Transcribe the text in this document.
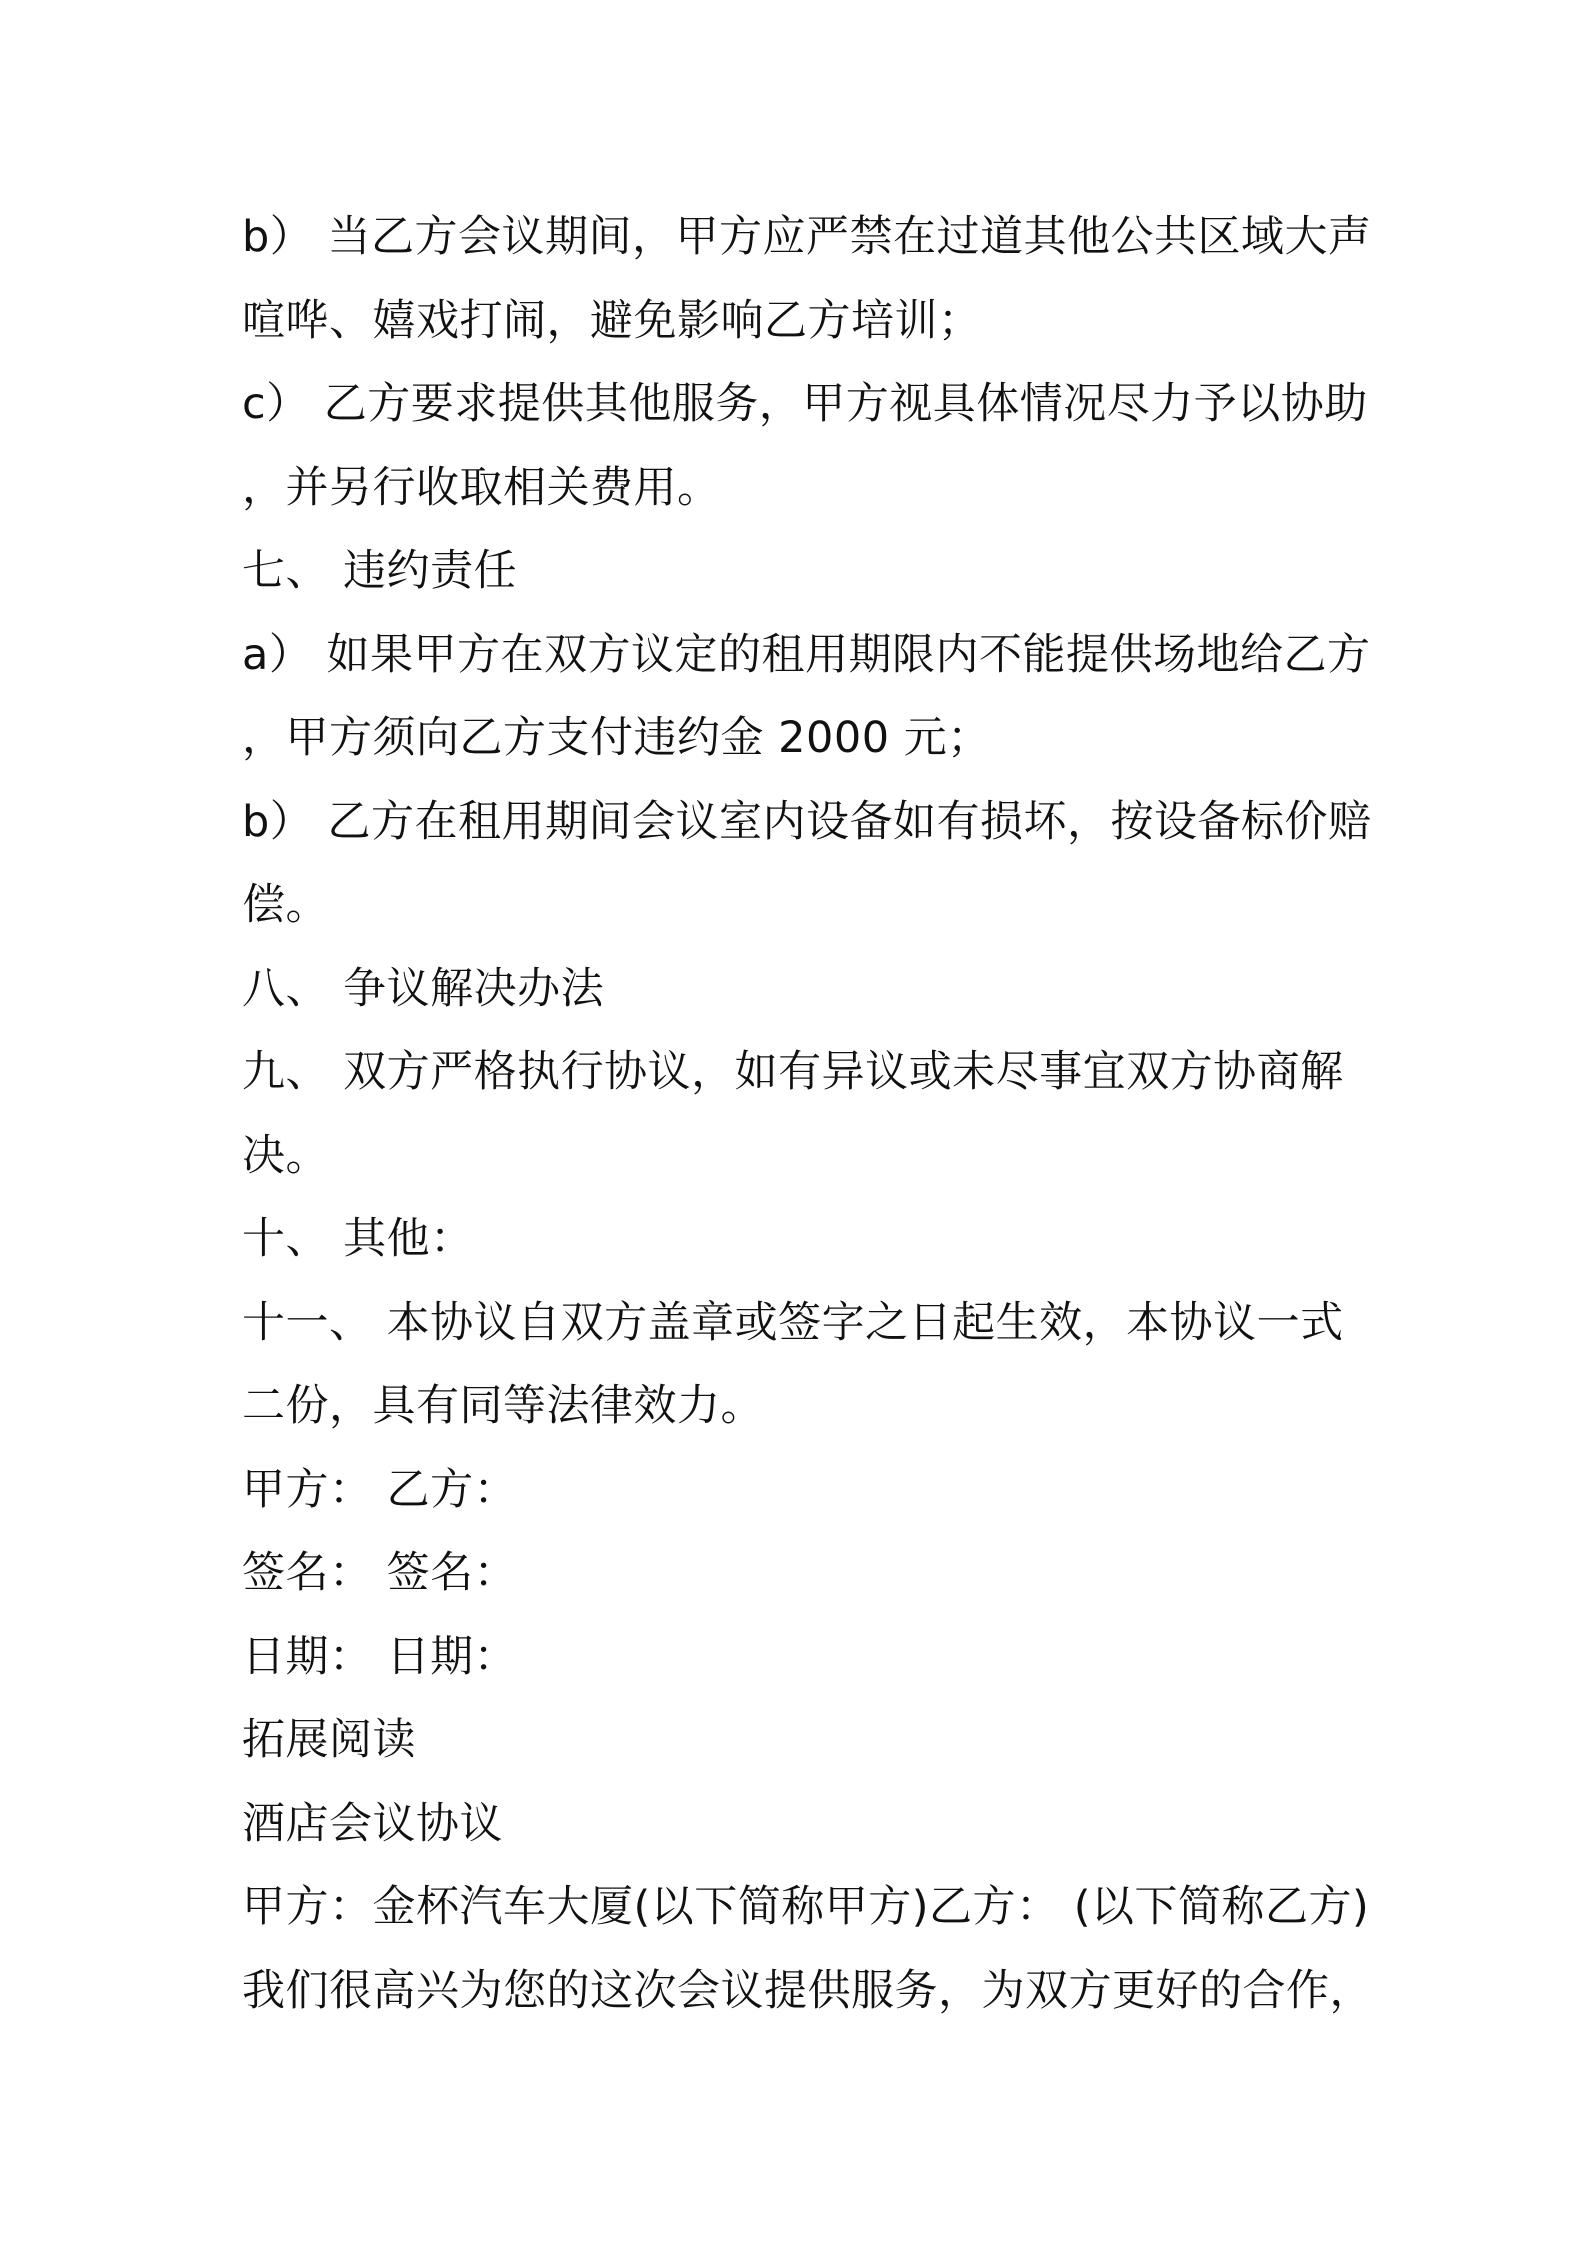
b） 当乙方会议期间，甲方应严禁在过道其他公共区域大声
喧哗、嬉戏打闹，避免影响乙方培训；
c） 乙方要求提供其他服务，甲方视具体情况尽力予以协助
，并另行收取相关费用。
七、 违约责任
a） 如果甲方在双方议定的租用期限内不能提供场地给乙方
，甲方须向乙方支付违约金 2000 元；
b） 乙方在租用期间会议室内设备如有损坏，按设备标价赔
偿。
八、 争议解决办法
九、 双方严格执行协议，如有异议或未尽事宜双方协商解
决。
十、 其他：
十一、 本协议自双方盖章或签字之日起生效，本协议一式
二份，具有同等法律效力。
甲方： 乙方：
签名： 签名：
日期： 日期：
拓展阅读
酒店会议协议
甲方：金杯汽车大厦(以下简称甲方)乙方： (以下简称乙方)
我们很高兴为您的这次会议提供服务，为双方更好的合作，
